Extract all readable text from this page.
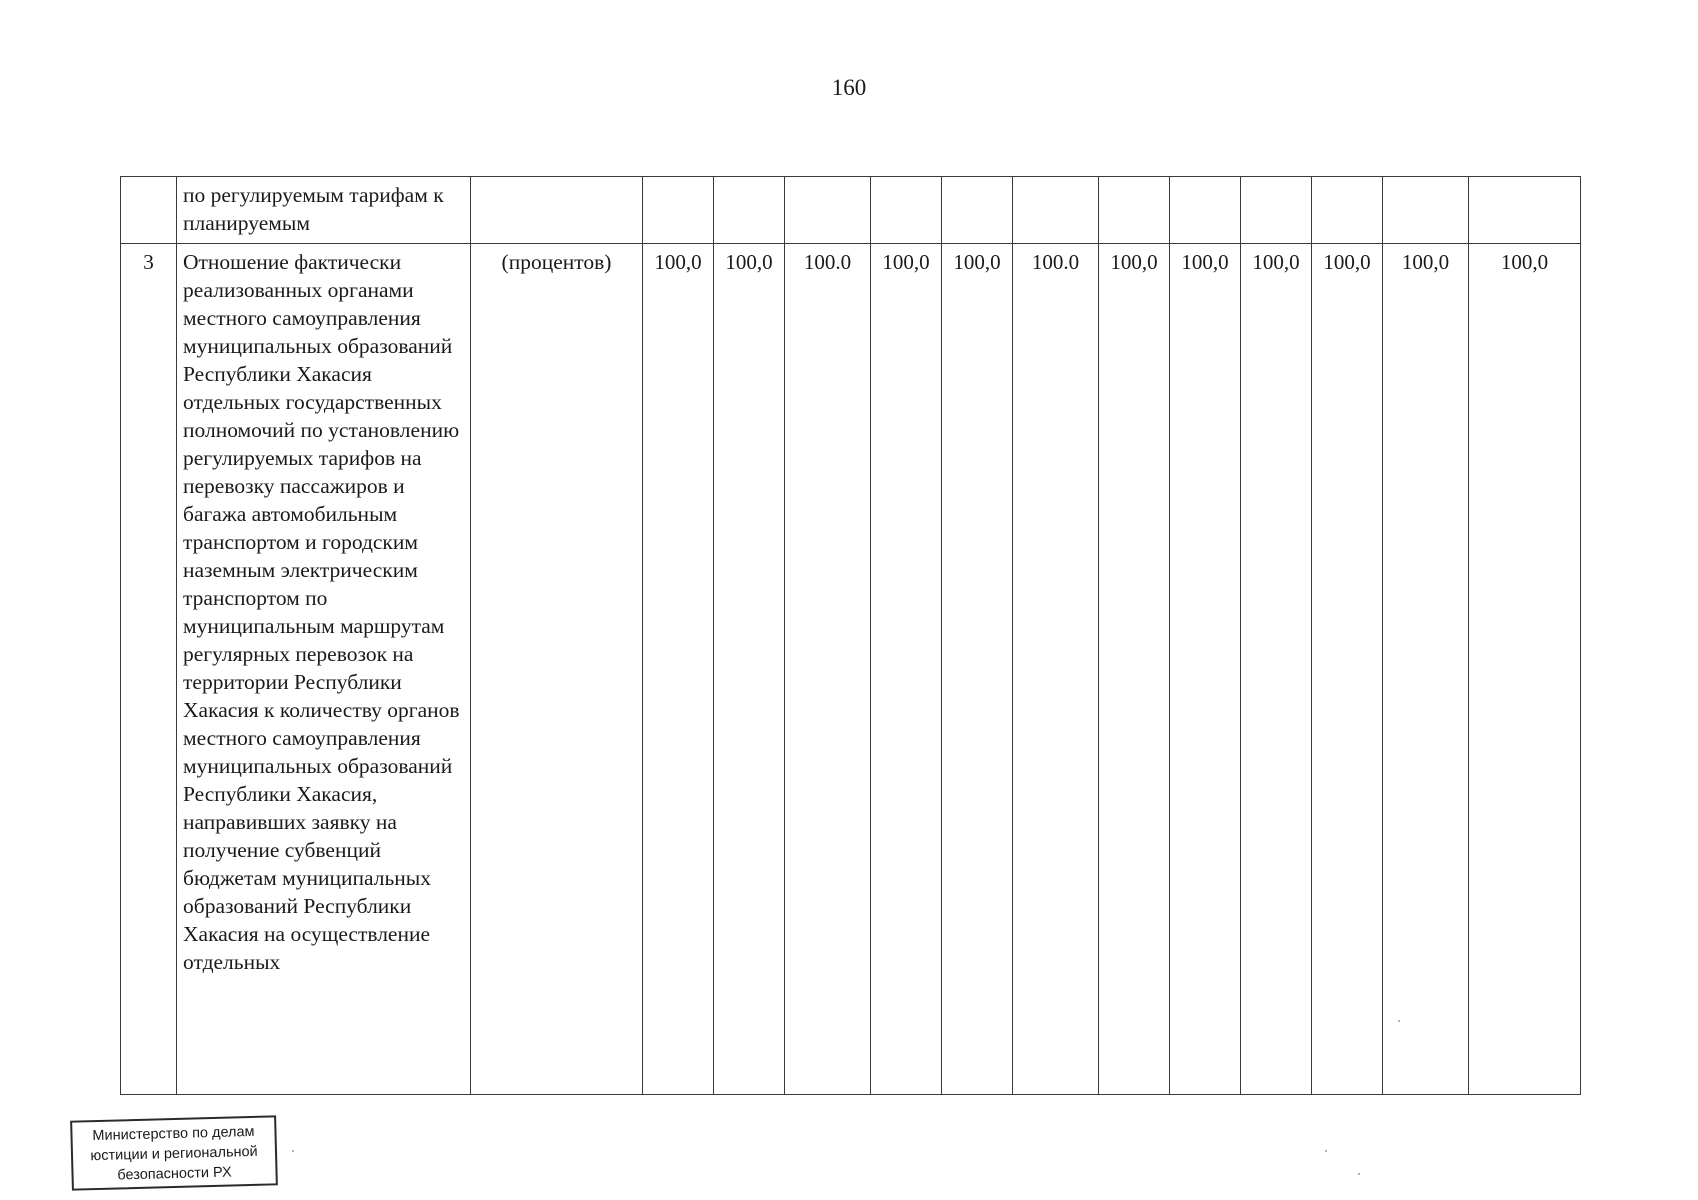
160
	по регулируемым тарифам к планируемым													
3	Отношение фактически реализованных органами местного самоуправления муниципальных образований Республики Хакасия отдельных государственных полномочий по установлению регулируемых тарифов на перевозку пассажиров и багажа автомобильным транспортом и городским наземным электрическим транспортом по муниципальным маршрутам регулярных перевозок на территории Республики Хакасия к количеству органов местного самоуправления муниципальных образований Республики Хакасия, направивших заявку на получение субвенций бюджетам муниципальных образований Республики Хакасия на осуществление отдельных	(процентов)	100,0	100,0	100.0	100,0	100,0	100.0	100,0	100,0	100,0	100,0	100,0	100,0
Министерство по делам
юстиции и региональной
безопасности РХ
